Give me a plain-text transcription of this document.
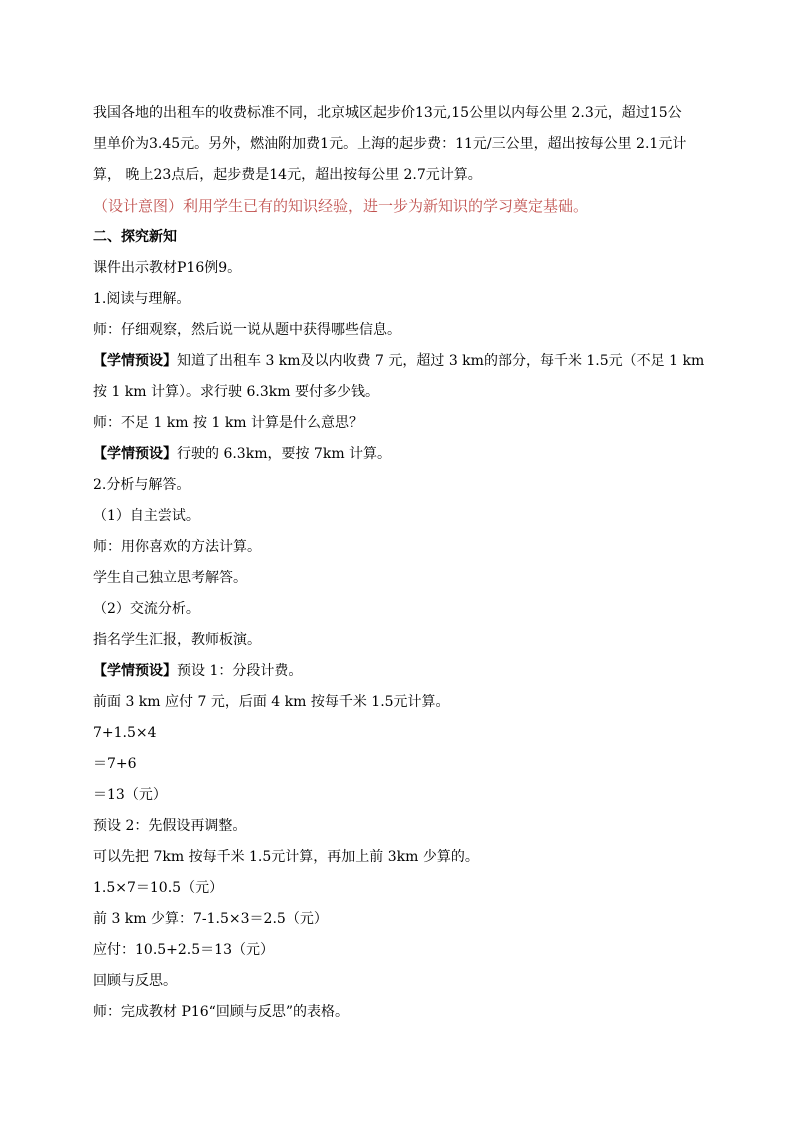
我国各地的出租车的收费标准不同，北京城区起步价13元,15公里以内每公里 2.3元，超过15公
里单价为3.45元。另外，燃油附加费1元。上海的起步费：11元/三公里，超出按每公里 2.1元计
算， 晚上23点后，起步费是14元，超出按每公里 2.7元计算。
（设计意图）利用学生已有的知识经验，进一步为新知识的学习奠定基础。
二、探究新知
课件出示教材P16例9。
1.阅读与理解。
师：仔细观察，然后说一说从题中获得哪些信息。
【学情预设】知道了出租车 3 km及以内收费 7 元，超过 3 km的部分，每千米 1.5元（不足 1 km
按 1 km 计算）。求行驶 6.3km 要付多少钱。
师：不足 1 km 按 1 km 计算是什么意思？
【学情预设】行驶的 6.3km，要按 7km 计算。
2.分析与解答。
（1）自主尝试。
师：用你喜欢的方法计算。
学生自己独立思考解答。
（2）交流分析。
指名学生汇报，教师板演。
【学情预设】预设 1：分段计费。
前面 3 km 应付 7 元，后面 4 km 按每千米 1.5元计算。
7+1.5×4
＝7+6
＝13（元）
预设 2：先假设再调整。
可以先把 7km 按每千米 1.5元计算，再加上前 3km 少算的。
1.5×7＝10.5（元）
前 3 km 少算：7-1.5×3＝2.5（元）
应付：10.5+2.5＝13（元）
回顾与反思。
师：完成教材 P16“回顾与反思”的表格。
